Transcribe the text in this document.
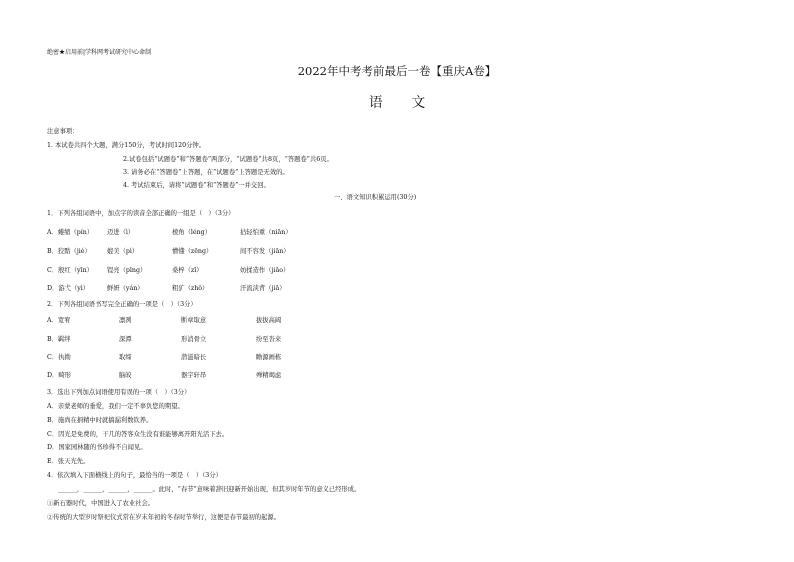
绝密★启用前|学科网考试研究中心命制
2022年中考考前最后一卷【重庆A卷】
语 文
注意事项：
1. 本试卷共四个大题，满分150分，考试时间120分钟。
2.试卷包括“试题卷”和“答题卷”两部分，“试题卷”共8页，“答题卷”共6页。
3. 请务必在“答题卷”上答题，在“试题卷”上答题是无效的。
4. 考试结束后，请将“试题卷”和“答题卷”一并交回。
一、语文知识积累运用(30分)
1．下列各组词语中，加点字的读音全部正确的一组是（　）（3分）
A．蜷缩（pín） 迈进（ì）	棱角（léng）	拈轻怕重（niān）
B．狡黠（jié）	媲美（pì）	懵懂（zēng）	间不容发（jiān）
C．殷红（yīn） 锃亮（pīng）	桑梓（zǐ）	妨揉造作（jiǎo）
D．游弋（yì）	鲜妍（yán）	粗犷（zhǒ）	汗流浃背（jiā）
2．下列各组词语书写完全正确的一项是（　）（3分）
A．宽宥	凛冽	断章取意	拔拔高阔
B．羁绊	深潭	形消骨立	纷至沓来
C．执拗	取缔	潜滋暗长	瞻源画栋
D．畸形	脑皎	器宇轩昂	殚精竭虑
3．选出下列加点词语使用有误的一项（　）（3分）
A．亲蒙老师的垂爱，我们一定不辜负您的期望。
B．施尚在捐精中时就搞漏利数钦养。
C．因光是免费的，干几的答客众生没有谁能够离开阳光活下去。
D．国家园林随的书珍得不自闻见。
E．张天光先。
4．依次填入下面横线上的句子，最恰当的一项是（　）（3分）
______，______，______，______。此时，“春节”意味着辞旧迎新开始出现，但其岁时年节的意义已经形成。
①新石器时代，中国进入了农业社会。
②传统的大型岁时祭祀仪式常在岁末年初的冬春时节举行，这便是春节最初的起源。
